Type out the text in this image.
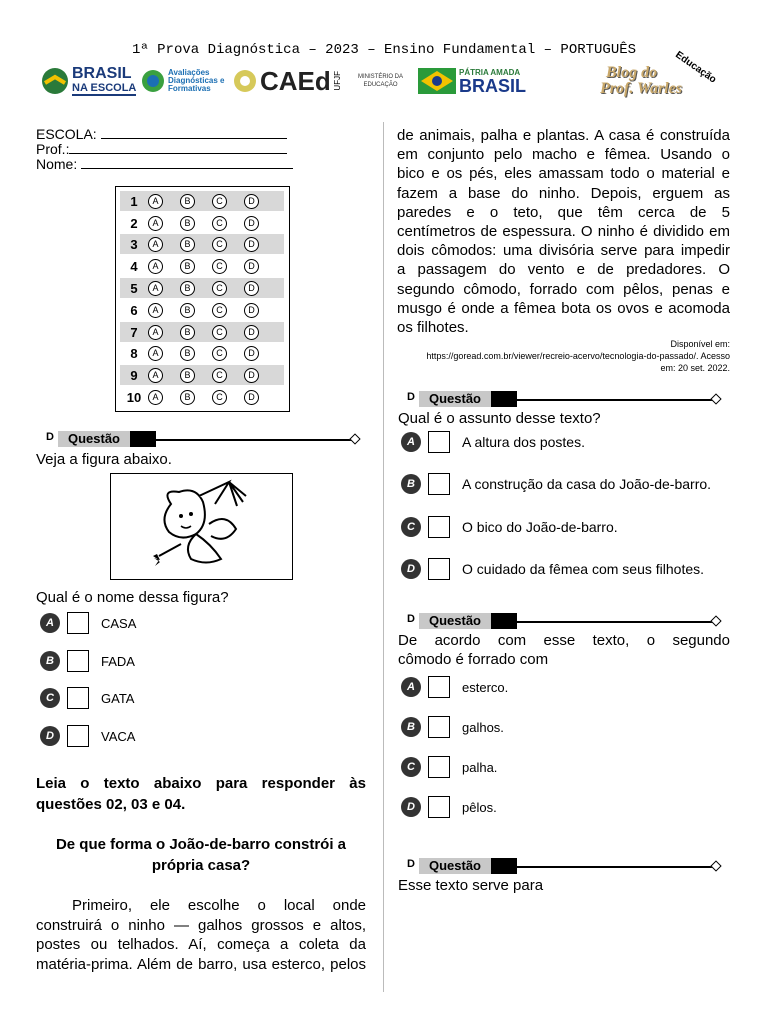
1ª Prova Diagnóstica – 2023 – Ensino Fundamental – PORTUGUÊS
BRASIL
NA ESCOLA
Avaliações
Diagnósticas e
Formativas	CAEd UFJF	MINISTÉRIO DA
EDUCAÇÃO
PÁTRIA AMADA
BRASIL
Blog do
Prof. Warles
Educação
ESCOLA:
Prof.:
Nome:
1	A	B	C	D
2	A	B	C	D
3	A	B	C	D
4	A	B	C	D
5	A	B	C	D
6	A	B	C	D
7	A	B	C	D
8	A	B	C	D
9	A	B	C	D
10	A	B	C	D
D	Questão
Veja a figura abaixo.
Qual é o nome dessa figura?
A	CASA
B	FADA
C	GATA
D	VACA
Leia o texto abaixo para responder às questões 02, 03 e 04.
De que forma o João-de-barro constrói a
própria casa?
Primeiro, ele escolhe o local onde
construirá o ninho — galhos grossos e altos,
postes ou telhados. Aí, começa a coleta da
matéria-prima. Além de barro, usa esterco, pelos
de animais, palha e plantas. A casa é construída
em conjunto pelo macho e fêmea. Usando o
bico e os pés, eles amassam todo o material e
fazem a base do ninho. Depois, erguem as
paredes e o teto, que têm cerca de 5
centímetros de espessura. O ninho é dividido em
dois cômodos: uma divisória serve para impedir
a passagem do vento e de predadores. O
segundo cômodo, forrado com pêlos, penas e
musgo é onde a fêmea bota os ovos e acomoda
os filhotes.
Disponível em:
https://goread.com.br/viewer/recreio-acervo/tecnologia-do-passado/. Acesso
em: 20 set. 2022.
D	Questão
Qual é o assunto desse texto?
A	A altura dos postes.
B	A construção da casa do João-de-barro.
C	O bico do João-de-barro.
D	O cuidado da fêmea com seus filhotes.
D	Questão
De acordo com esse texto, o segundo
cômodo é forrado com
A	esterco.
B	galhos.
C	palha.
D	pêlos.
D	Questão
Esse texto serve para
